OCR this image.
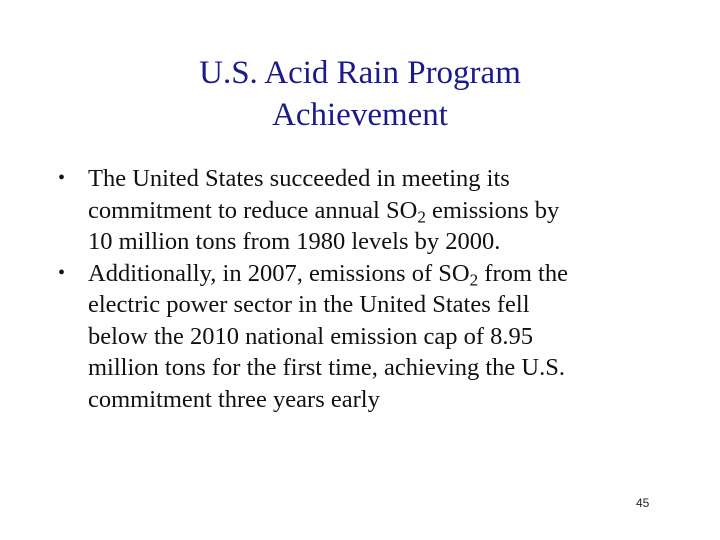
U.S. Acid Rain Program
Achievement
• The United States succeeded in meeting its
commitment to reduce annual $SO_2$ emissions by
10 million tons from 1980 levels by 2000.
• Additionally, in 2007, emissions of $SO_2$ from the
electric power sector in the United States fell
below the 2010 national emission cap of 8.95
million tons for the first time, achieving the U.S.
commitment three years early
45
